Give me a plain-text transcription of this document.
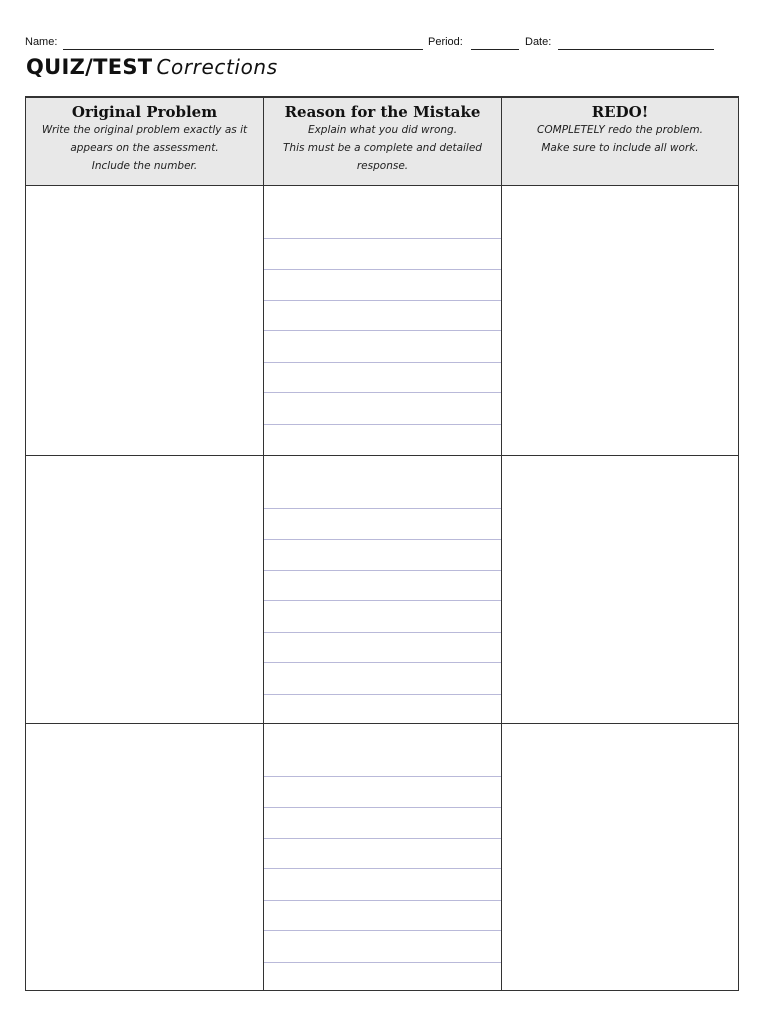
Name:	Period:	Date:
QUIZ/TEST Corrections
Original Problem
Write the original problem exactly as it
appears on the assessment.
Include the number.
Reason for the Mistake
Explain what you did wrong.
This must be a complete and detailed
response.
REDO!
COMPLETELY redo the problem.
Make sure to include all work.
